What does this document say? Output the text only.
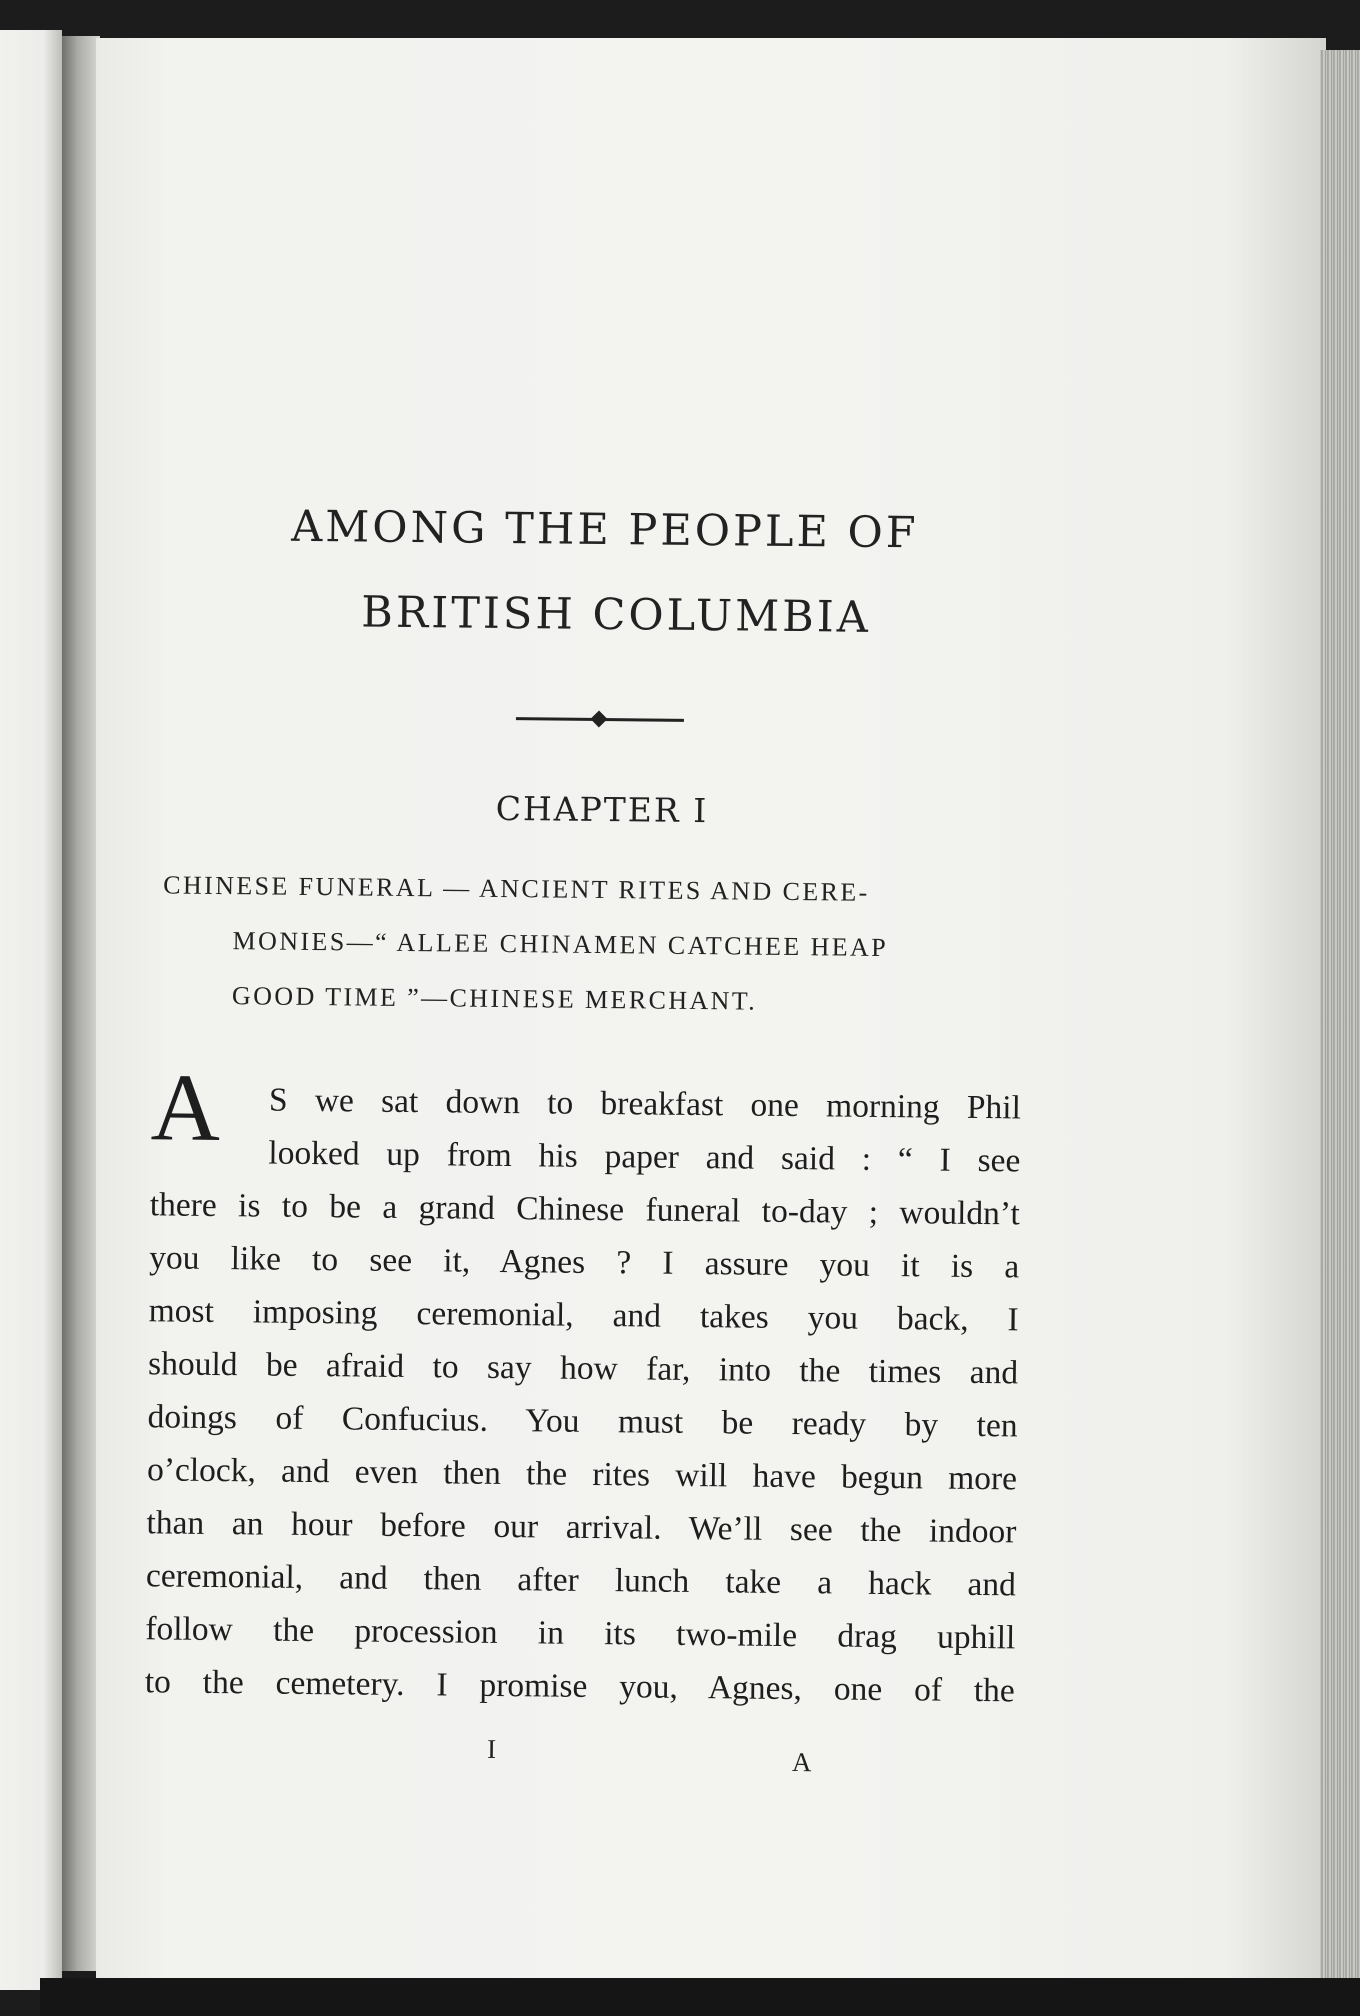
AMONG THE PEOPLE OF
BRITISH COLUMBIA
CHAPTER I
CHINESE FUNERAL — ANCIENT RITES AND CERE-
MONIES—“ ALLEE CHINAMEN CATCHEE HEAP
GOOD TIME ”—CHINESE MERCHANT.
A S we sat down to breakfast one morning Phil
looked up from his paper and said : “ I see
there is to be a grand Chinese funeral to-day ; wouldn’t
you like to see it, Agnes ? I assure you it is a
most imposing ceremonial, and takes you back, I
should be afraid to say how far, into the times and
doings of Confucius. You must be ready by ten
o’clock, and even then the rites will have begun more
than an hour before our arrival. We’ll see the indoor
ceremonial, and then after lunch take a hack and
follow the procession in its two-mile drag uphill
to the cemetery. I promise you, Agnes, one of the
I	A
